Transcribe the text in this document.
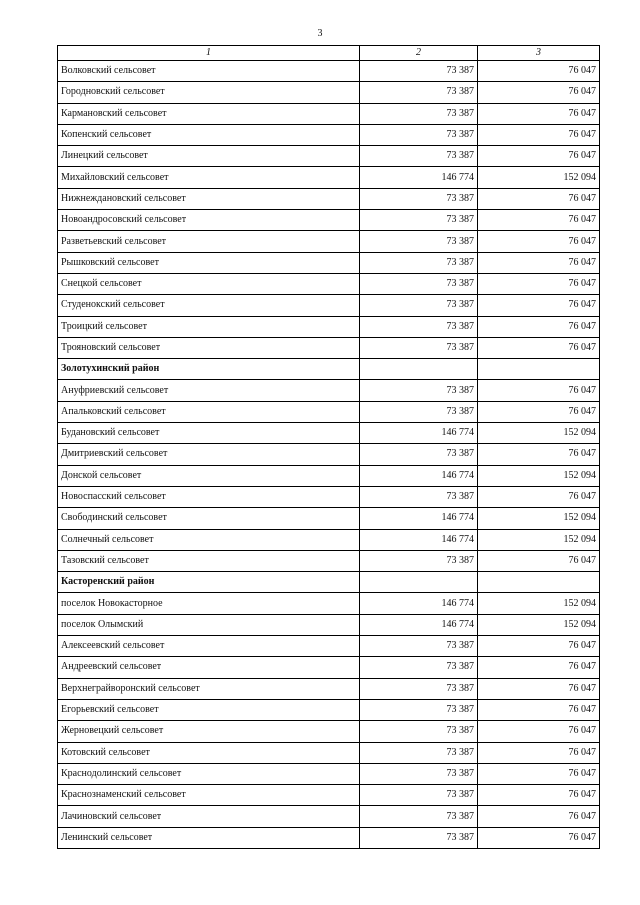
3
1	2	3
Волковский сельсовет	73 387	76 047
Городновский сельсовет	73 387	76 047
Кармановский сельсовет	73 387	76 047
Копенский сельсовет	73 387	76 047
Линецкий сельсовет	73 387	76 047
Михайловский сельсовет	146 774	152 094
Нижнеждановский сельсовет	73 387	76 047
Новоандросовский сельсовет	73 387	76 047
Разветьевский сельсовет	73 387	76 047
Рышковский сельсовет	73 387	76 047
Снецкой сельсовет	73 387	76 047
Студенокский сельсовет	73 387	76 047
Троицкий сельсовет	73 387	76 047
Трояновский сельсовет	73 387	76 047
Золотухинский район		
Ануфриевский сельсовет	73 387	76 047
Апальковский сельсовет	73 387	76 047
Будановский сельсовет	146 774	152 094
Дмитриевский сельсовет	73 387	76 047
Донской сельсовет	146 774	152 094
Новоспасский сельсовет	73 387	76 047
Свободинский сельсовет	146 774	152 094
Солнечный сельсовет	146 774	152 094
Тазовский сельсовет	73 387	76 047
Касторенский район		
поселок Новокасторное	146 774	152 094
поселок Олымский	146 774	152 094
Алексеевский сельсовет	73 387	76 047
Андреевский сельсовет	73 387	76 047
Верхнеграйворонский сельсовет	73 387	76 047
Егорьевский сельсовет	73 387	76 047
Жерновецкий сельсовет	73 387	76 047
Котовский сельсовет	73 387	76 047
Краснодолинский сельсовет	73 387	76 047
Краснознаменский сельсовет	73 387	76 047
Лачиновский сельсовет	73 387	76 047
Ленинский сельсовет	73 387	76 047
